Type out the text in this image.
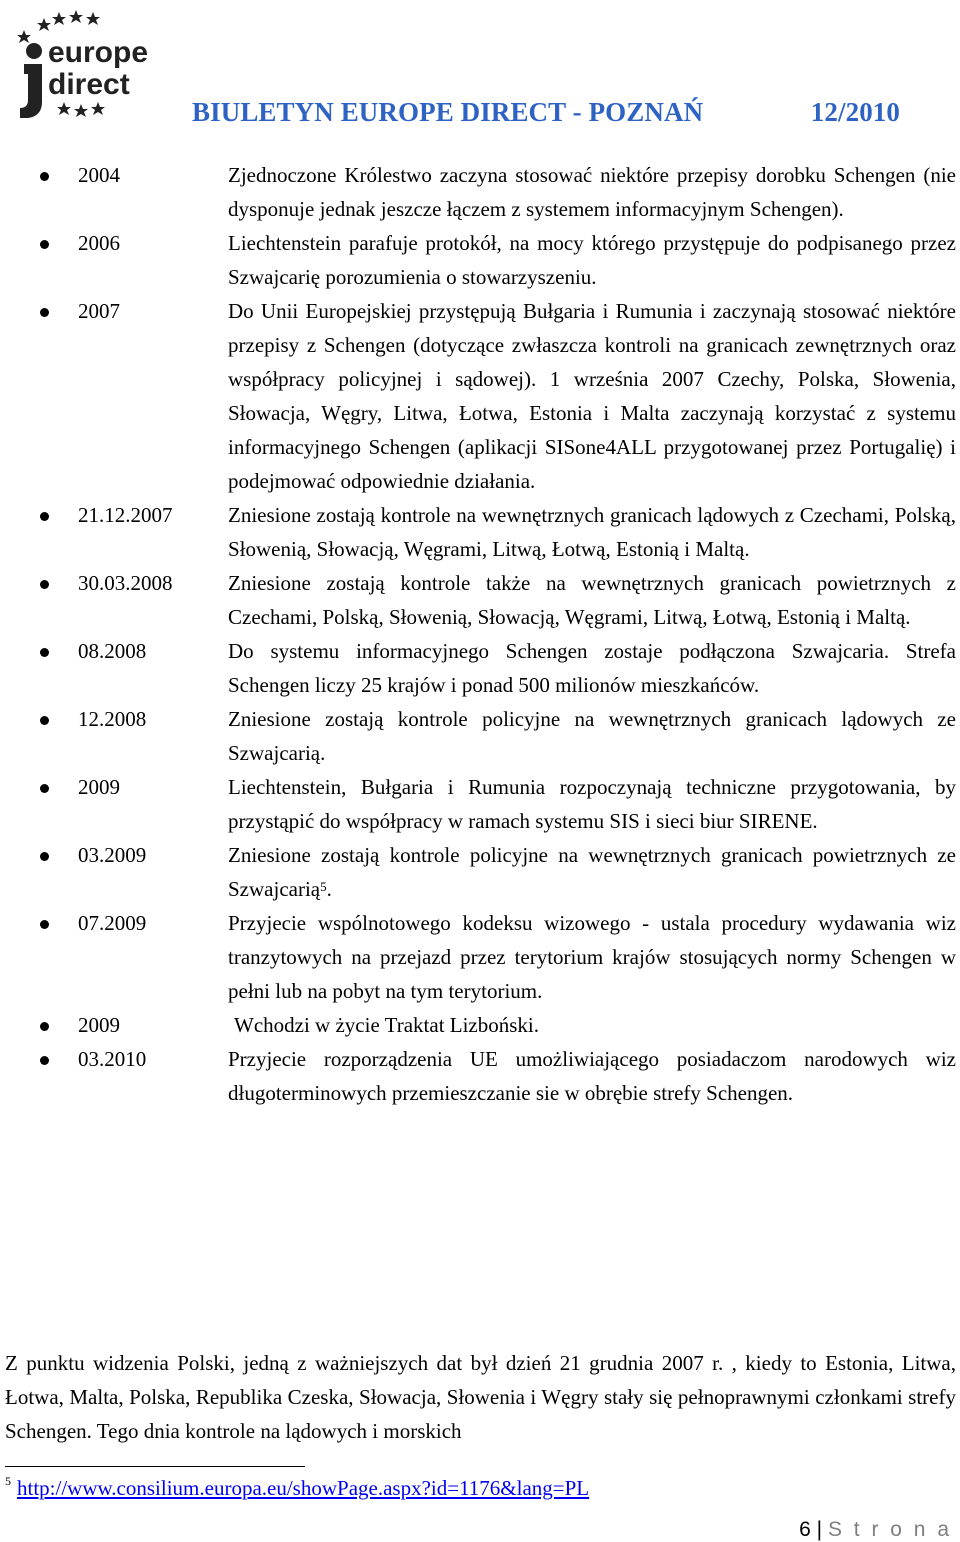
europe
direct
BIULETYN EUROPE DIRECT - POZNAŃ	12/2010
2004	Zjednoczone Królestwo zaczyna stosować niektóre przepisy dorobku Schengen (nie dysponuje jednak jeszcze łączem z systemem informacyjnym Schengen).
2006	Liechtenstein parafuje protokół, na mocy którego przystępuje do podpisanego przez Szwajcarię porozumienia o stowarzyszeniu.
2007	Do Unii Europejskiej przystępują Bułgaria i Rumunia i zaczynają stosować niektóre przepisy z Schengen (dotyczące zwłaszcza kontroli na granicach zewnętrznych oraz współpracy policyjnej i sądowej). 1 września 2007 Czechy, Polska, Słowenia, Słowacja, Węgry, Litwa, Łotwa, Estonia i Malta zaczynają korzystać z systemu informacyjnego Schengen (aplikacji SISone4ALL przygotowanej przez Portugalię) i podejmować odpowiednie działania.
21.12.2007	Zniesione zostają kontrole na wewnętrznych granicach lądowych z Czechami, Polską, Słowenią, Słowacją, Węgrami, Litwą, Łotwą, Estonią i Maltą.
30.03.2008	Zniesione zostają kontrole także na wewnętrznych granicach powietrznych z Czechami, Polską, Słowenią, Słowacją, Węgrami, Litwą, Łotwą, Estonią i Maltą.
08.2008	Do systemu informacyjnego Schengen zostaje podłączona Szwajcaria. Strefa Schengen liczy 25 krajów i ponad 500 milionów mieszkańców.
12.2008	Zniesione zostają kontrole policyjne na wewnętrznych granicach lądowych ze Szwajcarią.
2009	Liechtenstein, Bułgaria i Rumunia rozpoczynają techniczne przygotowania, by przystąpić do współpracy w ramach systemu SIS i sieci biur SIRENE.
03.2009	Zniesione zostają kontrole policyjne na wewnętrznych granicach powietrznych ze Szwajcarią$^5$.
07.2009	Przyjecie wspólnotowego kodeksu wizowego - ustala procedury wydawania wiz tranzytowych na przejazd przez terytorium krajów stosujących normy Schengen w pełni lub na pobyt na tym terytorium.
2009	Wchodzi w życie Traktat Lizboński.
03.2010	Przyjecie rozporządzenia UE umożliwiającego posiadaczom narodowych wiz długoterminowych przemieszczanie sie w obrębie strefy Schengen.
Z punktu widzenia Polski, jedną z ważniejszych dat był dzień 21 grudnia 2007 r. , kiedy to Estonia, Litwa, Łotwa, Malta, Polska, Republika Czeska, Słowacja, Słowenia i Węgry stały się pełnoprawnymi członkami strefy Schengen. Tego dnia kontrole na lądowych i morskich
$^5$ http://www.consilium.europa.eu/showPage.aspx?id=1176&lang=PL
6 | S t r o n a
